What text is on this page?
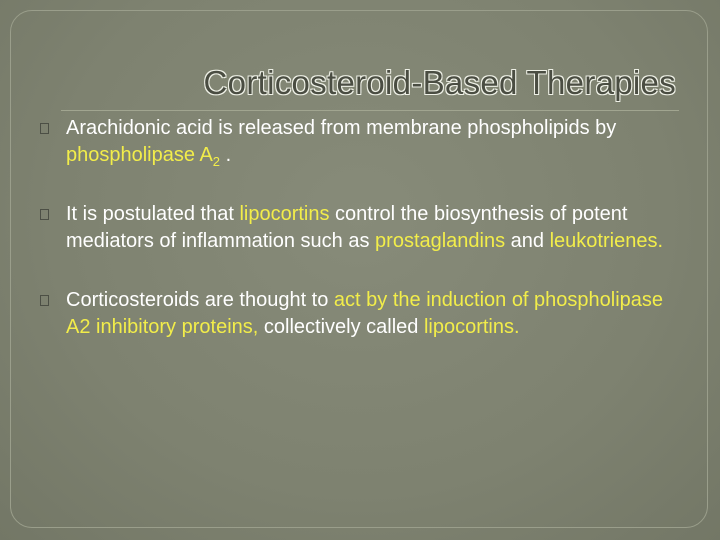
Corticosteroid-Based Therapies
Arachidonic acid is released from membrane phospholipids by phospholipase $A_2$ .
It is postulated that lipocortins control the biosynthesis of potent mediators of inflammation such as prostaglandins and leukotrienes.
Corticosteroids are thought to act by the induction of phospholipase A2 inhibitory proteins, collectively called lipocortins.
